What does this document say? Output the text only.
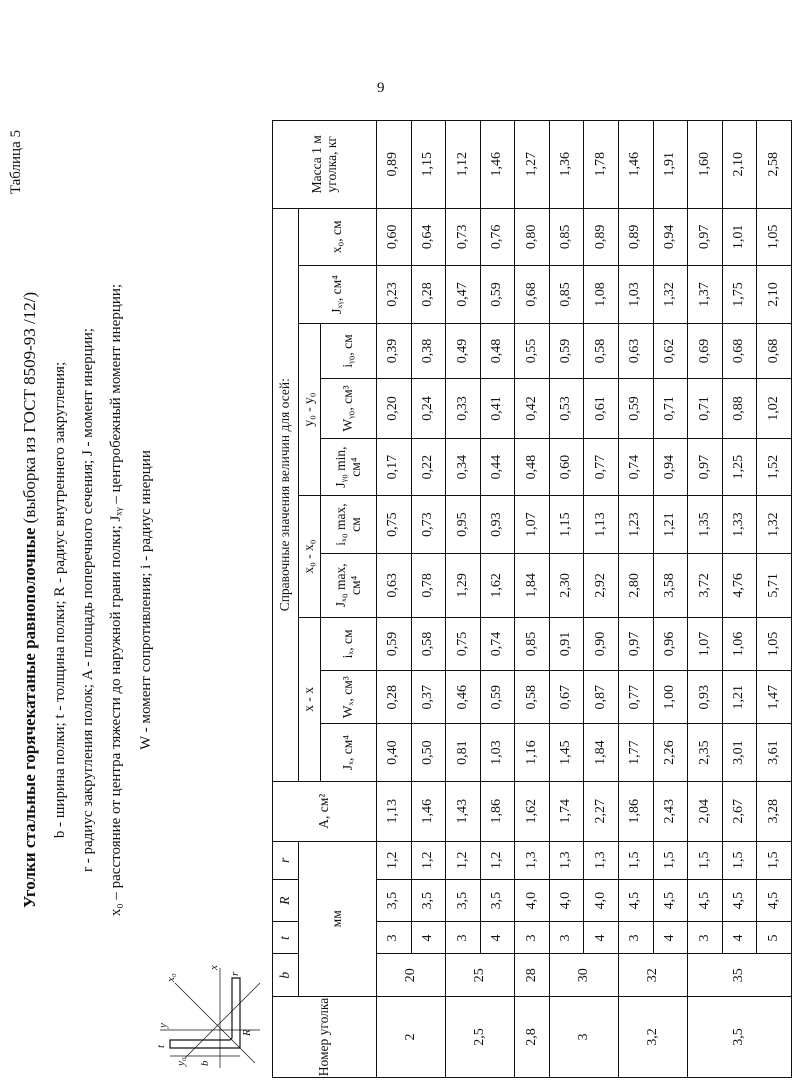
9
Таблица 5
Уголки стальные горячекатаные равнополочные (выборка из ГОСТ 8509-93 /12/) b - ширина полки; t - толщина полки; R - радиус внутреннего закругления; r - радиус закругления полок; A - площадь поперечного сечения; J - момент инерции; x₀ – расстояние от центра тяжести до наружной грани полки; Jₓᵧ – центробежный момент инерции; W - момент сопротивления; i - радиус инерции
x
y
x₀
y₀ b
t
R
r
Номер уголка	b	t	R	r	A, см²	Справочные значения величин для осей:										Масса 1 м уголка, кг
	мм					x - x			x₀ - x₀		y₀ - y₀			Jₓᵧ, см⁴	x₀, см	
						Jₓ, см⁴	Wₓ, см³	iₓ, см	Jₓ₀ max, см⁴	iₓ₀ max, см	Jᵧ₀ min, см⁴	Wᵧ₀, см³	iᵧ₀, см			

2	20	3	3,5	1,2	1,13	0,40	0,28	0,59	0,63	0,75	0,17	0,20	0,39	0,23	0,60	0,89
		4	3,5	1,2	1,46	0,50	0,37	0,58	0,78	0,73	0,22	0,24	0,38	0,28	0,64	1,15
2,5	25	3	3,5	1,2	1,43	0,81	0,46	0,75	1,29	0,95	0,34	0,33	0,49	0,47	0,73	1,12
		4	3,5	1,2	1,86	1,03	0,59	0,74	1,62	0,93	0,44	0,41	0,48	0,59	0,76	1,46
2,8	28	3	4,0	1,3	1,62	1,16	0,58	0,85	1,84	1,07	0,48	0,42	0,55	0,68	0,80	1,27
3	30	3	4,0	1,3	1,74	1,45	0,67	0,91	2,30	1,15	0,60	0,53	0,59	0,85	0,85	1,36
		4	4,0	1,3	2,27	1,84	0,87	0,90	2,92	1,13	0,77	0,61	0,58	1,08	0,89	1,78
3,2	32	3	4,5	1,5	1,86	1,77	0,77	0,97	2,80	1,23	0,74	0,59	0,63	1,03	0,89	1,46
		4	4,5	1,5	2,43	2,26	1,00	0,96	3,58	1,21	0,94	0,71	0,62	1,32	0,94	1,91
3,5	35	3	4,5	1,5	2,04	2,35	0,93	1,07	3,72	1,35	0,97	0,71	0,69	1,37	0,97	1,60
		4	4,5	1,5	2,67	3,01	1,21	1,06	4,76	1,33	1,25	0,88	0,68	1,75	1,01	2,10
		5	4,5	1,5	3,28	3,61	1,47	1,05	5,71	1,32	1,52	1,02	0,68	2,10	1,05	2,58
